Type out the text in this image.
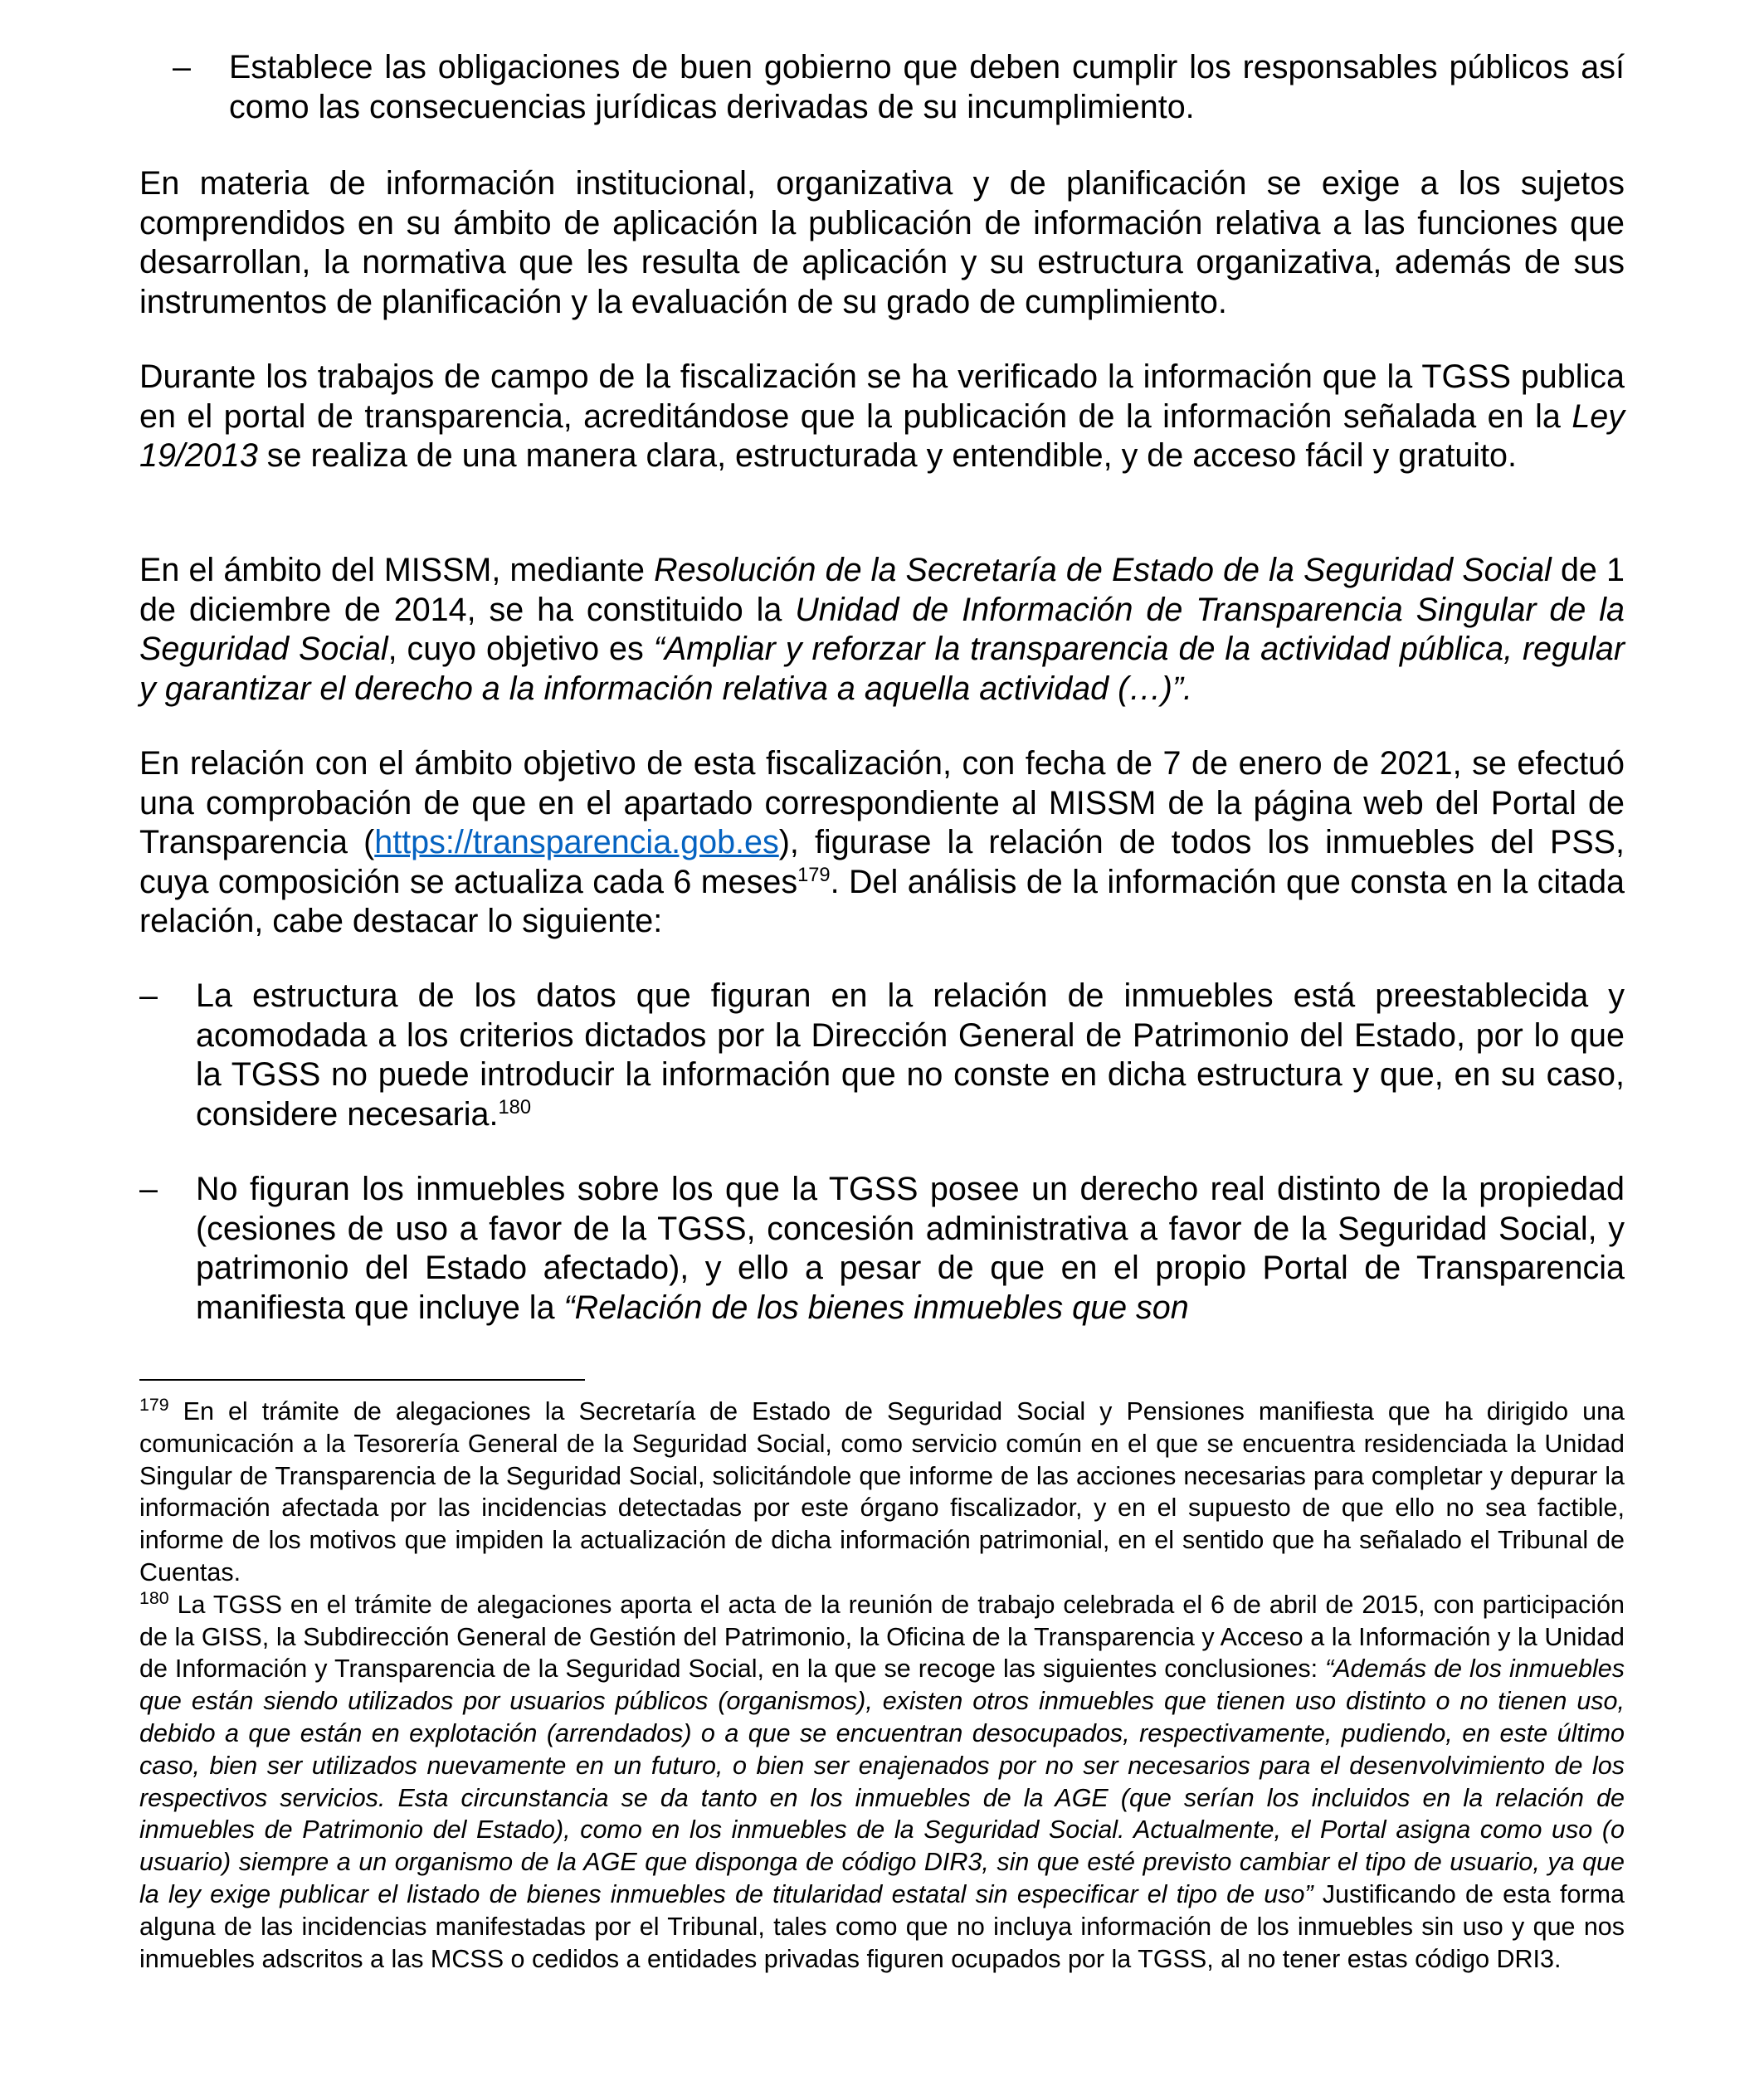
– Establece las obligaciones de buen gobierno que deben cumplir los responsables públicos así como las consecuencias jurídicas derivadas de su incumplimiento.

En materia de información institucional, organizativa y de planificación se exige a los sujetos comprendidos en su ámbito de aplicación la publicación de información relativa a las funciones que desarrollan, la normativa que les resulta de aplicación y su estructura organizativa, además de sus instrumentos de planificación y la evaluación de su grado de cumplimiento.

Durante los trabajos de campo de la fiscalización se ha verificado la información que la TGSS publica en el portal de transparencia, acreditándose que la publicación de la información señalada en la Ley 19/2013 se realiza de una manera clara, estructurada y entendible, y de acceso fácil y gratuito.

En el ámbito del MISSM, mediante Resolución de la Secretaría de Estado de la Seguridad Social de 1 de diciembre de 2014, se ha constituido la Unidad de Información de Transparencia Singular de la Seguridad Social, cuyo objetivo es “Ampliar y reforzar la transparencia de la actividad pública, regular y garantizar el derecho a la información relativa a aquella actividad (…)”.

En relación con el ámbito objetivo de esta fiscalización, con fecha de 7 de enero de 2021, se efectuó una comprobación de que en el apartado correspondiente al MISSM de la página web del Portal de Transparencia (https://transparencia.gob.es), figurase la relación de todos los inmuebles del PSS, cuya composición se actualiza cada 6 meses$^{179}$. Del análisis de la información que consta en la citada relación, cabe destacar lo siguiente:

– La estructura de los datos que figuran en la relación de inmuebles está preestablecida y acomodada a los criterios dictados por la Dirección General de Patrimonio del Estado, por lo que la TGSS no puede introducir la información que no conste en dicha estructura y que, en su caso, considere necesaria.$^{180}$

– No figuran los inmuebles sobre los que la TGSS posee un derecho real distinto de la propiedad (cesiones de uso a favor de la TGSS, concesión administrativa a favor de la Seguridad Social, y patrimonio del Estado afectado), y ello a pesar de que en el propio Portal de Transparencia manifiesta que incluye la “Relación de los bienes inmuebles que son

$^{179}$ En el trámite de alegaciones la Secretaría de Estado de Seguridad Social y Pensiones manifiesta que ha dirigido una comunicación a la Tesorería General de la Seguridad Social, como servicio común en el que se encuentra residenciada la Unidad Singular de Transparencia de la Seguridad Social, solicitándole que informe de las acciones necesarias para completar y depurar la información afectada por las incidencias detectadas por este órgano fiscalizador, y en el supuesto de que ello no sea factible, informe de los motivos que impiden la actualización de dicha información patrimonial, en el sentido que ha señalado el Tribunal de Cuentas.

$^{180}$ La TGSS en el trámite de alegaciones aporta el acta de la reunión de trabajo celebrada el 6 de abril de 2015, con participación de la GISS, la Subdirección General de Gestión del Patrimonio, la Oficina de la Transparencia y Acceso a la Información y la Unidad de Información y Transparencia de la Seguridad Social, en la que se recoge las siguientes conclusiones: “Además de los inmuebles que están siendo utilizados por usuarios públicos (organismos), existen otros inmuebles que tienen uso distinto o no tienen uso, debido a que están en explotación (arrendados) o a que se encuentran desocupados, respectivamente, pudiendo, en este último caso, bien ser utilizados nuevamente en un futuro, o bien ser enajenados por no ser necesarios para el desenvolvimiento de los respectivos servicios. Esta circunstancia se da tanto en los inmuebles de la AGE (que serían los incluidos en la relación de inmuebles de Patrimonio del Estado), como en los inmuebles de la Seguridad Social. Actualmente, el Portal asigna como uso (o usuario) siempre a un organismo de la AGE que disponga de código DIR3, sin que esté previsto cambiar el tipo de usuario, ya que la ley exige publicar el listado de bienes inmuebles de titularidad estatal sin especificar el tipo de uso” Justificando de esta forma alguna de las incidencias manifestadas por el Tribunal, tales como que no incluya información de los inmuebles sin uso y que nos inmuebles adscritos a las MCSS o cedidos a entidades privadas figuren ocupados por la TGSS, al no tener estas código DRI3.
